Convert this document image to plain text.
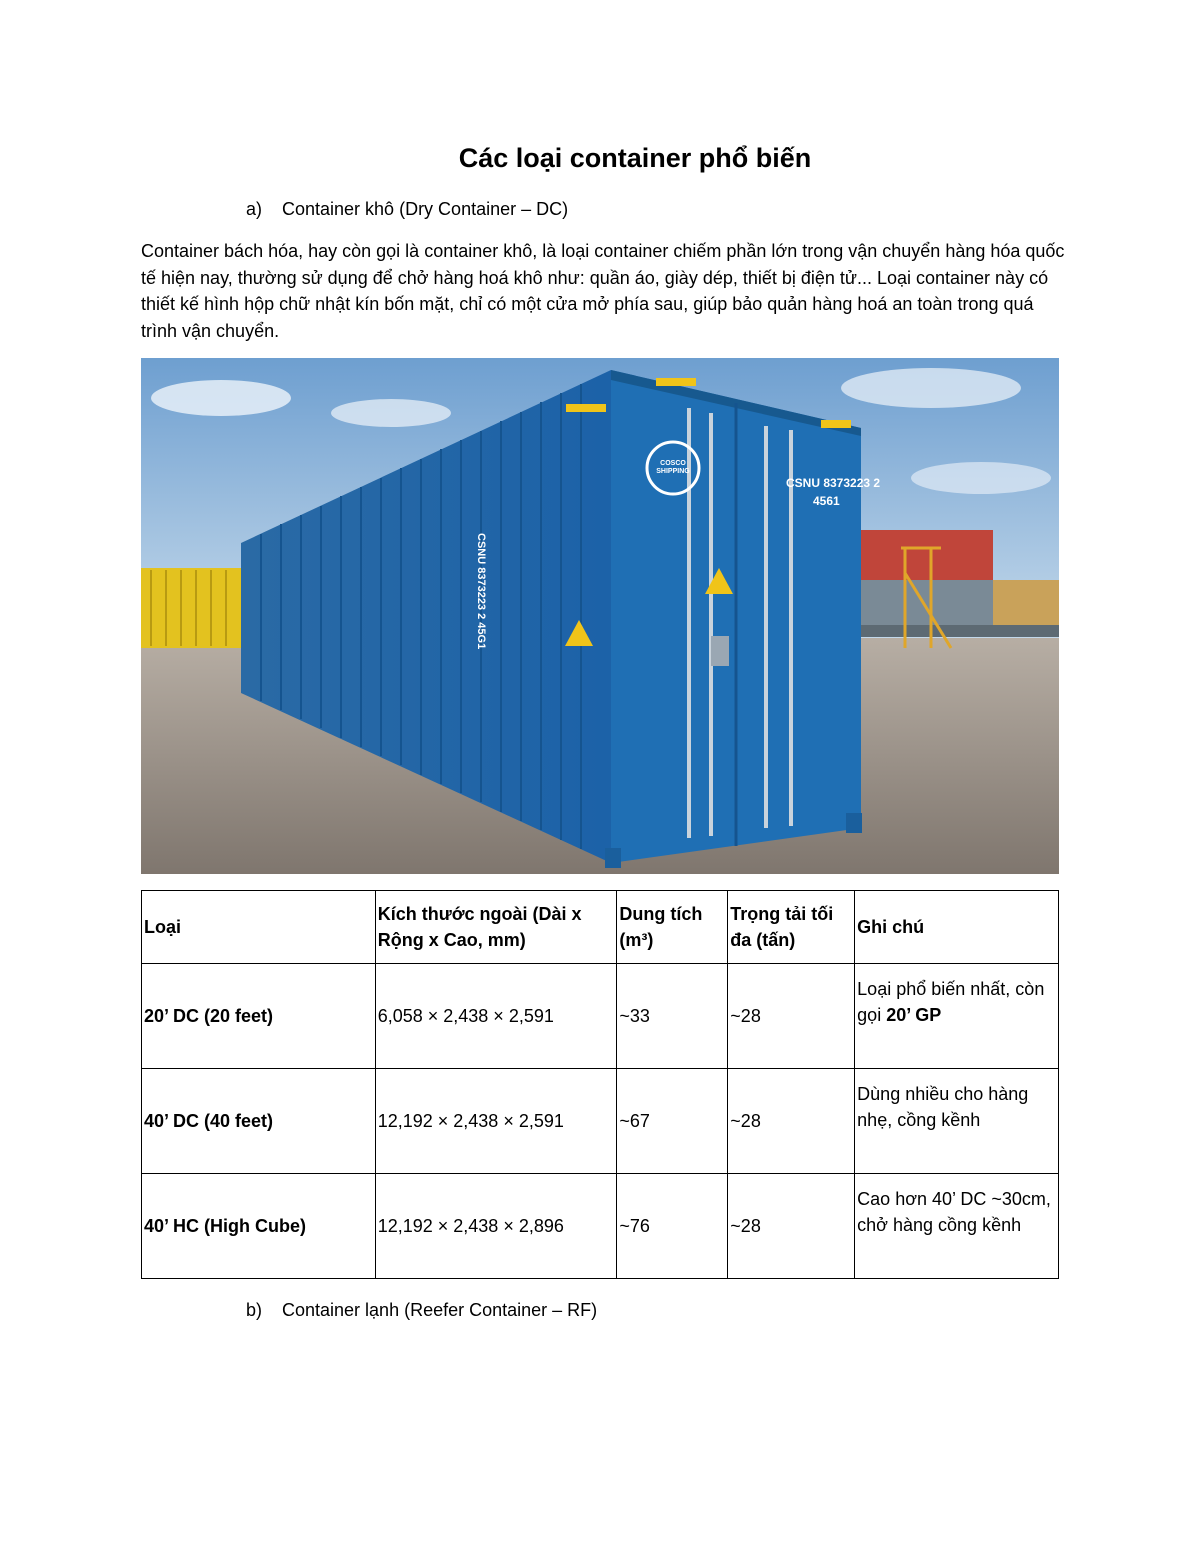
Các loại container phổ biến
a) Container khô (Dry Container – DC)
Container bách hóa, hay còn gọi là container khô, là loại container chiếm phần lớn trong vận chuyển hàng hóa quốc tế hiện nay, thường sử dụng để chở hàng hoá khô như: quần áo, giày dép, thiết bị điện tử... Loại container này có thiết kế hình hộp chữ nhật kín bốn mặt, chỉ có một cửa mở phía sau, giúp bảo quản hàng hoá an toàn trong quá trình vận chuyển.
COSCO SHIPPING
CSNU 8373223 2
4561
CSNU 8373223 2 45G1
Loại	Kích thước ngoài (Dài x Rộng x Cao, mm)	Dung tích (m³)	Trọng tải tối đa (tấn)	Ghi chú
20’ DC (20 feet)	6,058 × 2,438 × 2,591	~33	~28	Loại phổ biến nhất, còn gọi 20’ GP
40’ DC (40 feet)	12,192 × 2,438 × 2,591	~67	~28	Dùng nhiều cho hàng nhẹ, cồng kềnh
40’ HC (High Cube)	12,192 × 2,438 × 2,896	~76	~28	Cao hơn 40’ DC ~30cm, chở hàng cồng kềnh
b) Container lạnh (Reefer Container – RF)
